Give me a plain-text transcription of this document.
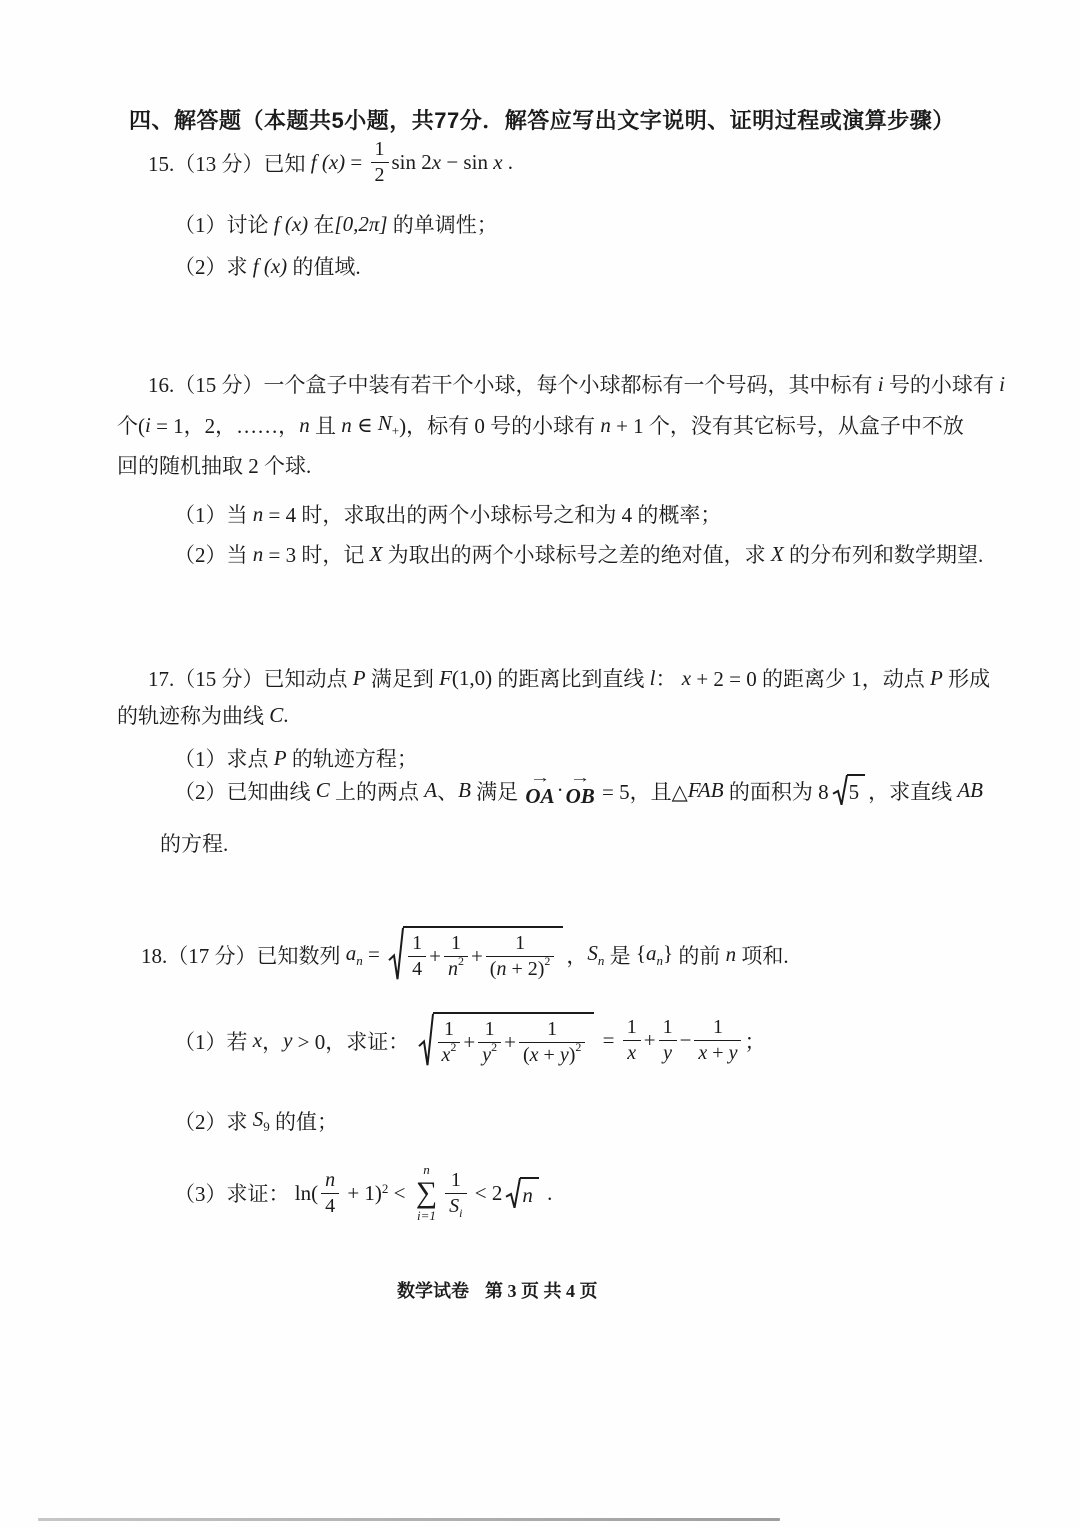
四、解答题（本题共5小题，共77分．解答应写出文字说明、证明过程或演算步骤）
15.（13 分）已知 f $(x) = \frac{1}{2}$ sin 2 x − sin x .
（1）讨论 f (x) 在 [0,2π] 的单调性；
（2）求 f (x) 的值域.
16.（15 分）一个盒子中装有若干个小球，每个小球都标有一个号码，其中标有 i 号的小球有 i
个( i = 1，2，……， n 且 n ∈ $N_+$ )，标有 0 号的小球有 n + 1 个，没有其它标号，从盒子中不放
回的随机抽取 2 个球.
（1）当 n = 4 时，求取出的两个小球标号之和为 4 的概率；
（2）当 n = 3 时，记 X 为取出的两个小球标号之差的绝对值，求 X 的分布列和数学期望.
17.（15 分）已知动点 P 满足到 F(1,0) 的距离比到直线 l ： x + 2 = 0 的距离少 1，动点 P 形成
的轨迹称为曲线 C .
（1）求点 P 的轨迹方程；
（2）已知曲线 C 上的两点 A 、 B 满足
→
OA · →
OB = 5，且△ FAB 的面积为 8 5 ，求直线 AB
的方程.
18.（17 分）已知数列 $a_n = \frac{1}{4} + \frac{1}{n^2} + \frac{1}{( n + 2)^2}$ ， $S_n$ 是 $\{a_n\}$ 的前 n 项和.
（1）若 x ， y > 0，求证： $\frac{1}{x^2} + \frac{1}{y^2} + \frac{1}{( x + y )^2} = \frac{1}{x} + \frac{1}{y} - \frac{1}{x + y}$ ；
（2）求 $S_9$ 的值；
（3）求证： $\ln( \frac{n}{4} + 1)^2$ <
n
∑
$i=1 \frac{1}{S_i} < 2$ n .
数学试卷 第 3 页 共 4 页
